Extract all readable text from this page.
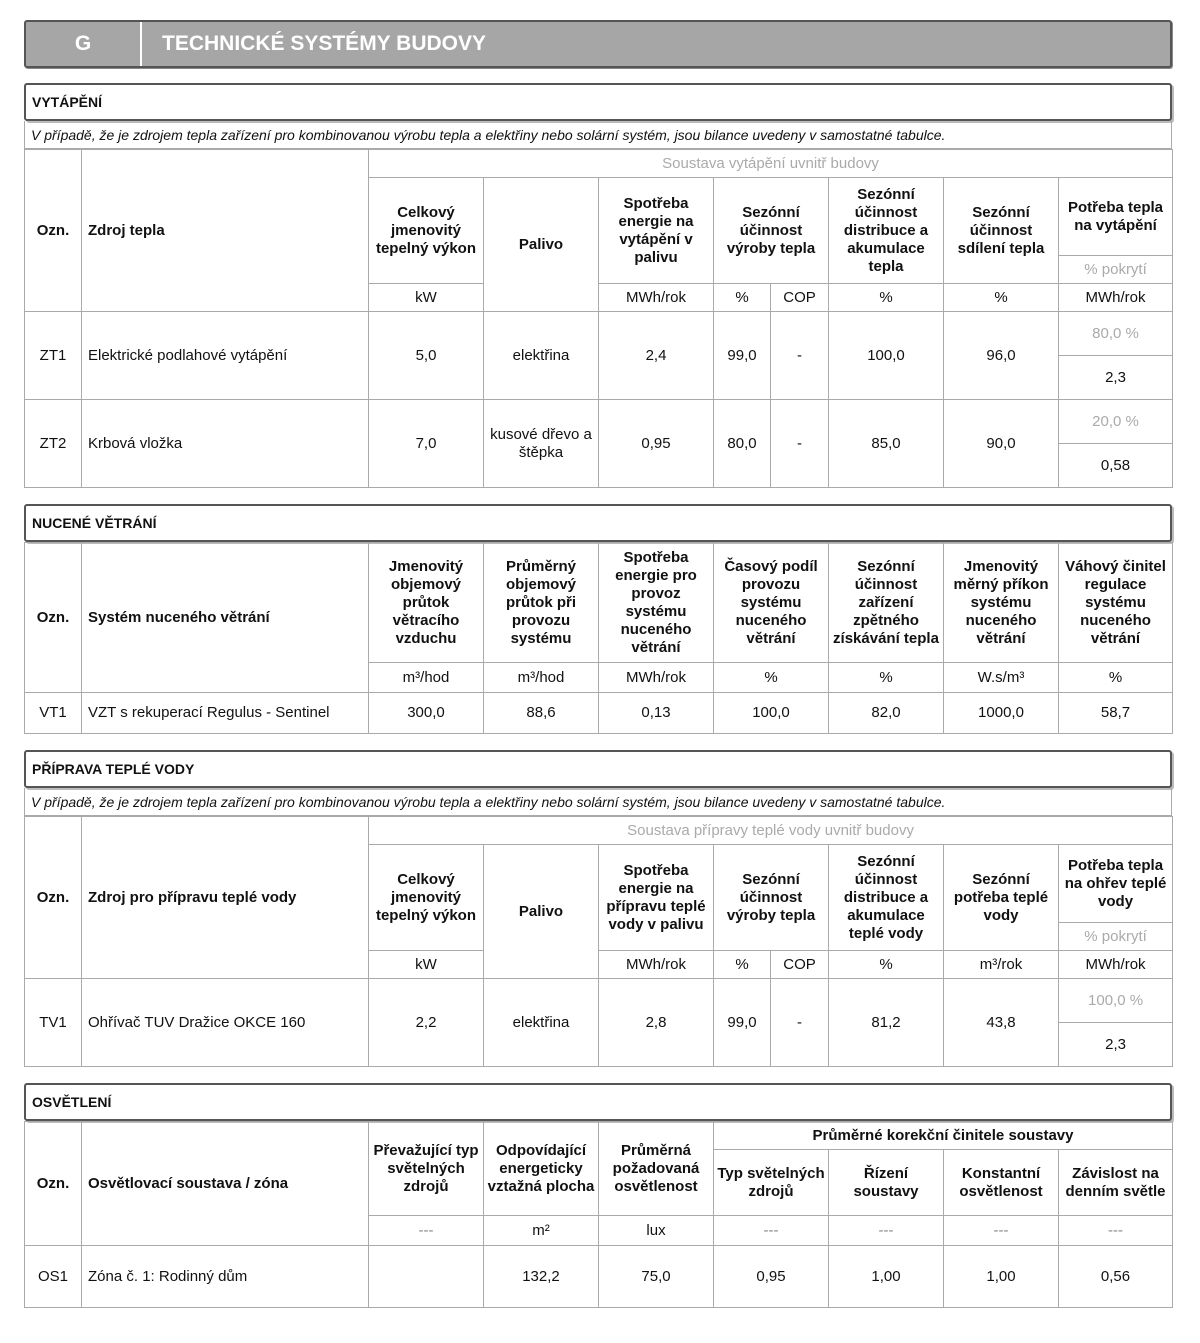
G	TECHNICKÉ SYSTÉMY BUDOVY
VYTÁPĚNÍ
V případě, že je zdrojem tepla zařízení pro kombinovanou výrobu tepla a elektřiny nebo solární systém, jsou bilance uvedeny v samostatné tabulce.
Ozn.	Zdroj tepla	Soustava vytápění uvnitř budovy							
		Celkový jmenovitý tepelný výkon	Palivo	Spotřeba energie na vytápění v palivu	Sezónní účinnost výroby tepla		Sezónní účinnost distribuce a akumulace tepla	Sezónní účinnost sdílení tepla	Potřeba tepla na vytápění
									% pokrytí
		kW		MWh/rok	%	COP	%	%	MWh/rok
ZT1	Elektrické podlahové vytápění	5,0	elektřina	2,4	99,0	-	100,0	96,0	80,0 %
									2,3
ZT2	Krbová vložka	7,0	kusové dřevo a štěpka	0,95	80,0	-	85,0	90,0	20,0 %
									0,58
NUCENÉ VĚTRÁNÍ
Ozn.	Systém nuceného větrání	Jmenovitý objemový průtok větracího vzduchu	Průměrný objemový průtok při provozu systému	Spotřeba energie pro provoz systému nuceného větrání	Časový podíl provozu systému nuceného větrání	Sezónní účinnost zařízení zpětného získávání tepla	Jmenovitý měrný příkon systému nuceného větrání	Váhový činitel regulace systému nuceného větrání
		m³/hod	m³/hod	MWh/rok	%	%	W.s/m³	%
VT1	VZT s rekuperací Regulus - Sentinel	300,0	88,6	0,13	100,0	82,0	1000,0	58,7
PŘÍPRAVA TEPLÉ VODY
V případě, že je zdrojem tepla zařízení pro kombinovanou výrobu tepla a elektřiny nebo solární systém, jsou bilance uvedeny v samostatné tabulce.
Ozn.	Zdroj pro přípravu teplé vody	Soustava přípravy teplé vody uvnitř budovy							
		Celkový jmenovitý tepelný výkon	Palivo	Spotřeba energie na přípravu teplé vody v palivu	Sezónní účinnost výroby tepla		Sezónní účinnost distribuce a akumulace teplé vody	Sezónní potřeba teplé vody	Potřeba tepla na ohřev teplé vody
									% pokrytí
		kW		MWh/rok	%	COP	%	m³/rok	MWh/rok
TV1	Ohřívač TUV Dražice OKCE 160	2,2	elektřina	2,8	99,0	-	81,2	43,8	100,0 %
									2,3
OSVĚTLENÍ
Ozn.	Osvětlovací soustava / zóna	Převažující typ světelných zdrojů	Odpovídající energeticky vztažná plocha	Průměrná požadovaná osvětlenost	Průměrné korekční činitele soustavy			
					Typ světelných zdrojů	Řízení soustavy	Konstantní osvětlenost	Závislost na denním světle
		---	m²	lux	---	---	---	---
OS1	Zóna č. 1: Rodinný dům		132,2	75,0	0,95	1,00	1,00	0,56
